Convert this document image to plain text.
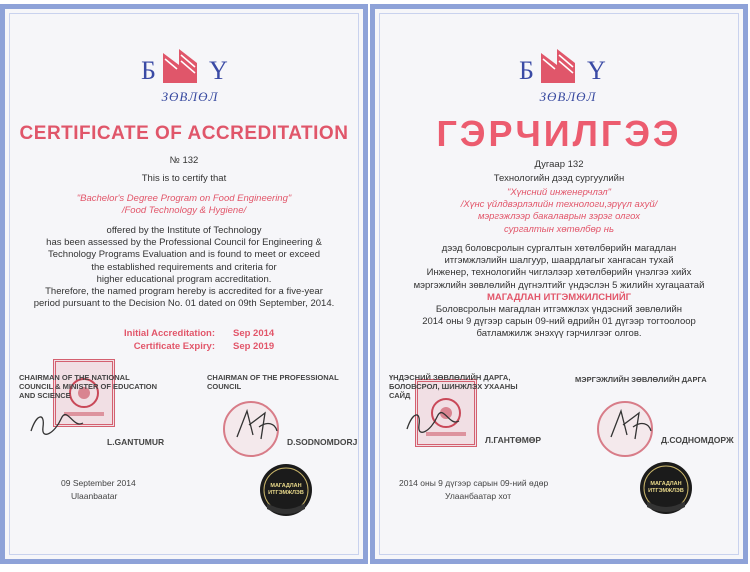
Б Y
ЗӨВЛӨЛ
CERTIFICATE OF ACCREDITATION
№ 132
This is to certify that
"Bachelor's Degree Program on Food Engineering"
/Food Technology & Hygiene/

offered by the Institute of Technology

has been assessed by the Professional Council for Engineering &

Technology Programs Evaluation and is found to meet or exceed

the established requirements and criteria for

higher educational program accreditation.

Therefore, the named program hereby is accredited for a five-year

period pursuant to the Decision No. 01 dated on 09th September, 2014.

Initial Accreditation: Sep 2014
Certificate Expiry: Sep 2019
CHAIRMAN OF THE NATIONAL
COUNCIL & MINISTER OF EDUCATION
AND SCIENCE
CHAIRMAN OF THE PROFESSIONAL
COUNCIL
L.GANTUMUR	D.SODNOMDORJ
09 September 2014
Ulaanbaatar
МАГАДЛАН
ИТГЭМЖЛЭВ
Б Y
ЗӨВЛӨЛ
ГЭРЧИЛГЭЭ
Дугаар 132
Технологийн дээд сургуулийн

"Хүнсний инженерчлэл"

/Хүнс үйлдвэрлэлийн технологи,эрүүл ахуй/

мэргэжлээр бакалаврын зэрэг олгох

сургалтын хөтөлбөр нь

дээд боловсролын сургалтын хөтөлбөрийн магадлан

итгэмжлэлийн шалгуур, шаардлагыг хангасан тухай

Инженер, технологийн чиглэлээр хөтөлбөрийн үнэлгээ хийх

мэргэжлийн зөвлөлийн дүгнэлтийг үндэслэн 5 жилийн хугацаатай

МАГАДЛАН ИТГЭМЖИЛСНИЙГ

Боловсролын магадлан итгэмжлэх үндэсний зөвлөлийн

2014 оны 9 дүгээр сарын 09-ний өдрийн 01 дүгээр тогтоолоор

батламжилж энэхүү гэрчилгээг олгов.

ҮНДЭСНИЙ ЗӨВЛӨЛИЙН ДАРГА,
БОЛОВСРОЛ, ШИНЖЛЭХ УХААНЫ
САЙД
МЭРГЭЖЛИЙН ЗӨВЛӨЛИЙН ДАРГА
Л.ГАНТӨМӨР	Д.СОДНОМДОРЖ
2014 оны 9 дүгээр сарын 09-ний өдөр
Улаанбаатар хот
МАГАДЛАН
ИТГЭМЖЛЭВ
